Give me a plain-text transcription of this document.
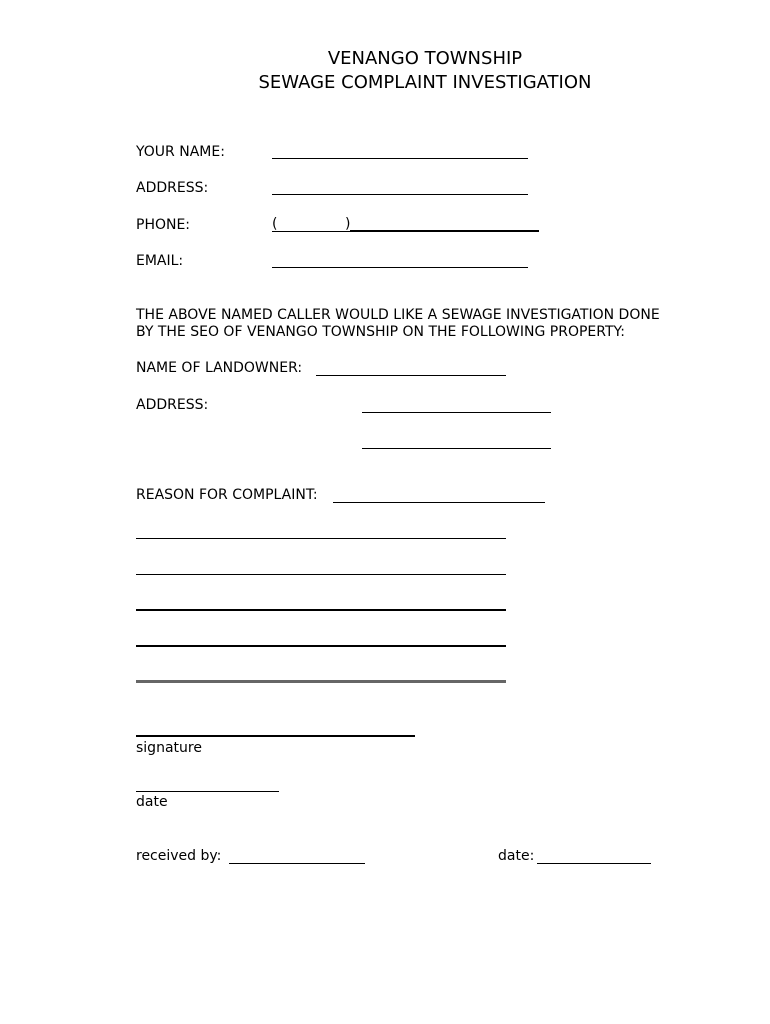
VENANGO TOWNSHIP
SEWAGE COMPLAINT INVESTIGATION
YOUR NAME:
ADDRESS:
PHONE:	(	)
EMAIL:
THE ABOVE NAMED CALLER WOULD LIKE A SEWAGE INVESTIGATION DONE
BY THE SEO OF VENANGO TOWNSHIP ON THE FOLLOWING PROPERTY:
NAME OF LANDOWNER:
ADDRESS:
REASON FOR COMPLAINT:
signature
date
received by:	date:
